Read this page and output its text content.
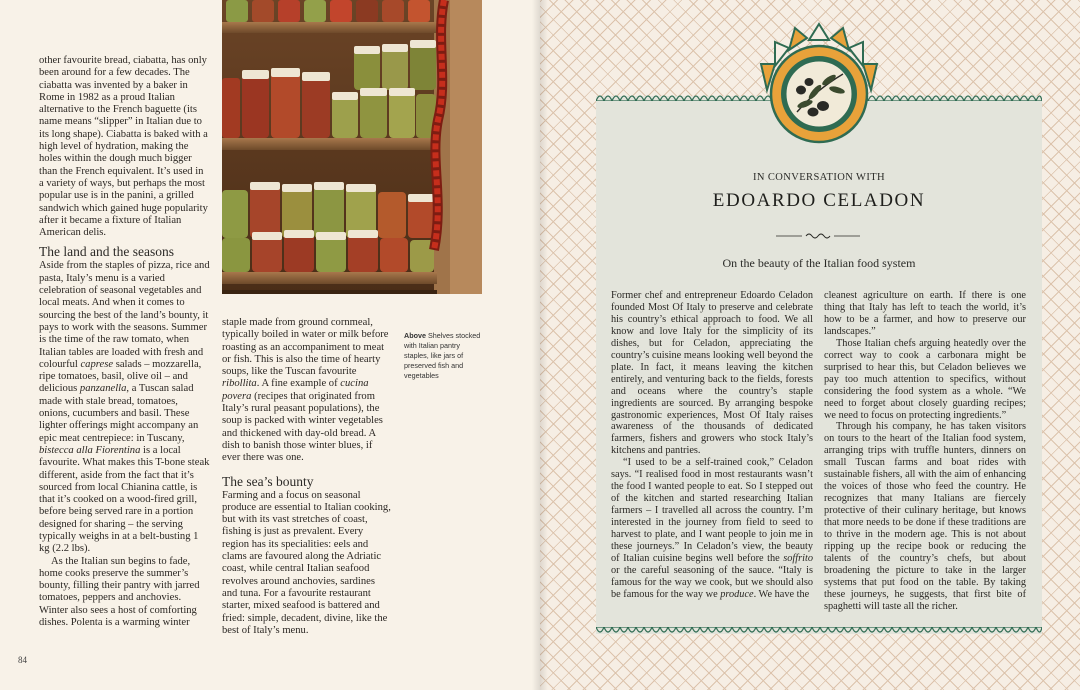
other favourite bread, ciabatta, has only been around for a few decades. The ciabatta was invented by a baker in Rome in 1982 as a proud Italian alternative to the French baguette (its name means “slipper” in Italian due to its long shape). Ciabatta is baked with a high level of hydration, making the holes within the dough much bigger than the French equivalent. It’s used in a variety of ways, but perhaps the most popular use is in the panini, a grilled sandwich which gained huge popularity after it became a fixture of Italian American delis.

The land and the seasons

Aside from the staples of pizza, rice and pasta, Italy’s menu is a varied celebration of seasonal vegetables and local meats. And when it comes to sourcing the best of the land’s bounty, it pays to work with the seasons. Summer is the time of the raw tomato, when Italian tables are loaded with fresh and colourful caprese salads – mozzarella, ripe tomatoes, basil, olive oil – and delicious panzanella, a Tuscan salad made with stale bread, tomatoes, onions, cucumbers and basil. These lighter offerings might accompany an epic meat centrepiece: in Tuscany, bistecca alla Fiorentina is a local favourite. What makes this T-bone steak different, aside from the fact that it’s sourced from local Chianina cattle, is that it’s cooked on a wood-fired grill, before being served rare in a portion designed for sharing – the serving typically weighs in at a belt-busting 1 kg (2.2 lbs).

As the Italian sun begins to fade, home cooks preserve the summer’s bounty, filling their pantry with jarred tomatoes, peppers and anchovies. Winter also sees a host of comforting dishes. Polenta is a warming winter

Above Shelves stocked with Italian pantry staples, like jars of preserved fish and vegetables

staple made from ground cornmeal, typically boiled in water or milk before roasting as an accompaniment to meat or fish. This is also the time of hearty soups, like the Tuscan favourite ribollita. A fine example of cucina povera (recipes that originated from Italy’s rural peasant populations), the soup is packed with winter vegetables and thickened with day-old bread. A dish to banish those winter blues, if ever there was one.

The sea’s bounty

Farming and a focus on seasonal produce are essential to Italian cooking, but with its vast stretches of coast, fishing is just as prevalent. Every region has its specialities: eels and clams are favoured along the Adriatic coast, while central Italian seafood revolves around anchovies, sardines and tuna. For a favourite restaurant starter, mixed seafood is battered and fried: simple, decadent, divine, like the best of Italy’s menu.

84
IN CONVERSATION WITH
EDOARDO CELADON
On the beauty of the Italian food system

Former chef and entrepreneur Edoardo Celadon founded Most Of Italy to preserve and celebrate his country’s ethical approach to food. We all know and love Italy for the simplicity of its dishes, but for Celadon, appreciating the country’s cuisine means looking well beyond the plate. In fact, it means leaving the kitchen entirely, and venturing back to the fields, forests and oceans where the country’s staple ingredients are sourced. By arranging bespoke gastronomic experiences, Most Of Italy raises awareness of the thousands of dedicated farmers, fishers and growers who stock Italy’s kitchens and pantries.

“I used to be a self-trained cook,” Celadon says. “I realised food in most restaurants wasn’t the food I wanted people to eat. So I stepped out of the kitchen and started researching Italian farmers – I travelled all across the country. I’m interested in the journey from field to seed to harvest to plate, and I want people to join me in these journeys.” In Celadon’s view, the beauty of Italian cuisine begins well before the soffrito or the careful seasoning of the sauce. “Italy is famous for the way we cook, but we should also be famous for the way we produce. We have the

cleanest agriculture on earth. If there is one thing that Italy has left to teach the world, it’s how to be a farmer, and how to preserve our landscapes.”

Those Italian chefs arguing heatedly over the correct way to cook a carbonara might be surprised to hear this, but Celadon believes we pay too much attention to specifics, without considering the food system as a whole. “We need to forget about closely guarding recipes; we need to focus on protecting ingredients.”

Through his company, he has taken visitors on tours to the heart of the Italian food system, arranging trips with truffle hunters, dinners on small Tuscan farms and boat rides with sustainable fishers, all with the aim of enhancing the voices of those who feed the country. He recognizes that many Italians are fiercely protective of their culinary heritage, but knows that more needs to be done if these traditions are to thrive in the modern age. This is not about ripping up the recipe book or reducing the talents of the country’s chefs, but about broadening the picture to take in the larger systems that put food on the table. By taking these journeys, he suggests, that first bite of spaghetti will taste all the richer.
